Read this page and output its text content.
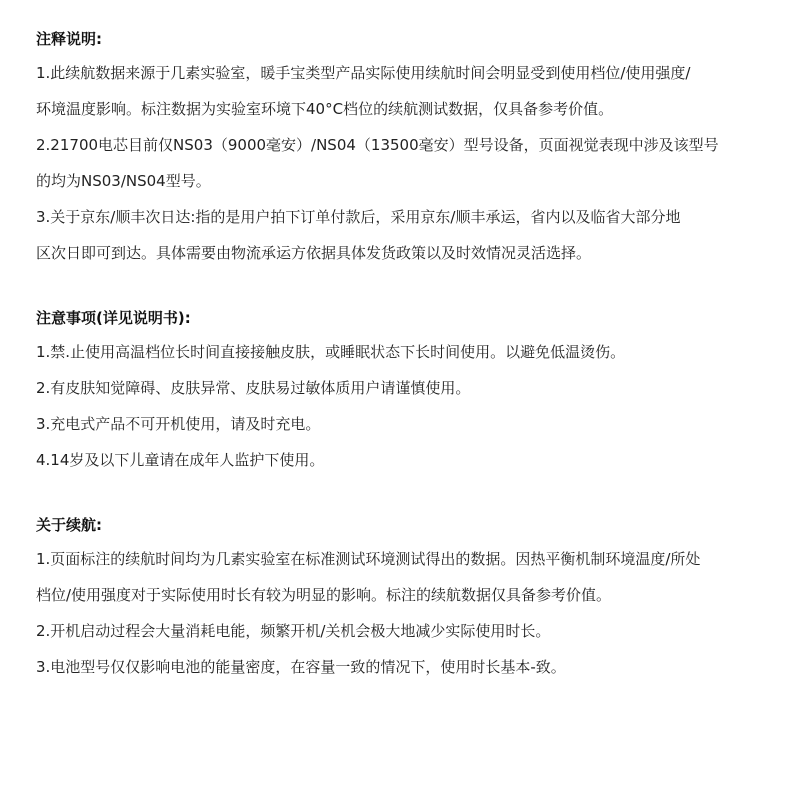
注释说明:
1.此续航数据来源于几素实验室，暖手宝类型产品实际使用续航时间会明显受到使用档位/使用强度/
环境温度影响。标注数据为实验室环境下40°C档位的续航测试数据，仅具备参考价值。
2.21700电芯目前仅NS03（9000毫安）/NS04（13500毫安）型号设备，页面视觉表现中涉及该型号
的均为NS03/NS04型号。
3.关于京东/顺丰次日达:指的是用户拍下订单付款后，采用京东/顺丰承运，省内以及临省大部分地
区次日即可到达。具体需要由物流承运方依据具体发货政策以及时效情况灵活选择。
注意事项(详见说明书):
1.禁.止使用高温档位长时间直接接触皮肤，或睡眠状态下长时间使用。以避免低温烫伤。
2.有皮肤知觉障碍、皮肤异常、皮肤易过敏体质用户请谨慎使用。
3.充电式产品不可开机使用，请及时充电。
4.14岁及以下儿童请在成年人监护下使用。
关于续航:
1.页面标注的续航时间均为几素实验室在标准测试环境测试得出的数据。因热平衡机制环境温度/所处
档位/使用强度对于实际使用时长有较为明显的影响。标注的续航数据仅具备参考价值。
2.开机启动过程会大量消耗电能，频繁开机/关机会极大地减少实际使用时长。
3.电池型号仅仅影响电池的能量密度，在容量一致的情况下，使用时长基本-致。
